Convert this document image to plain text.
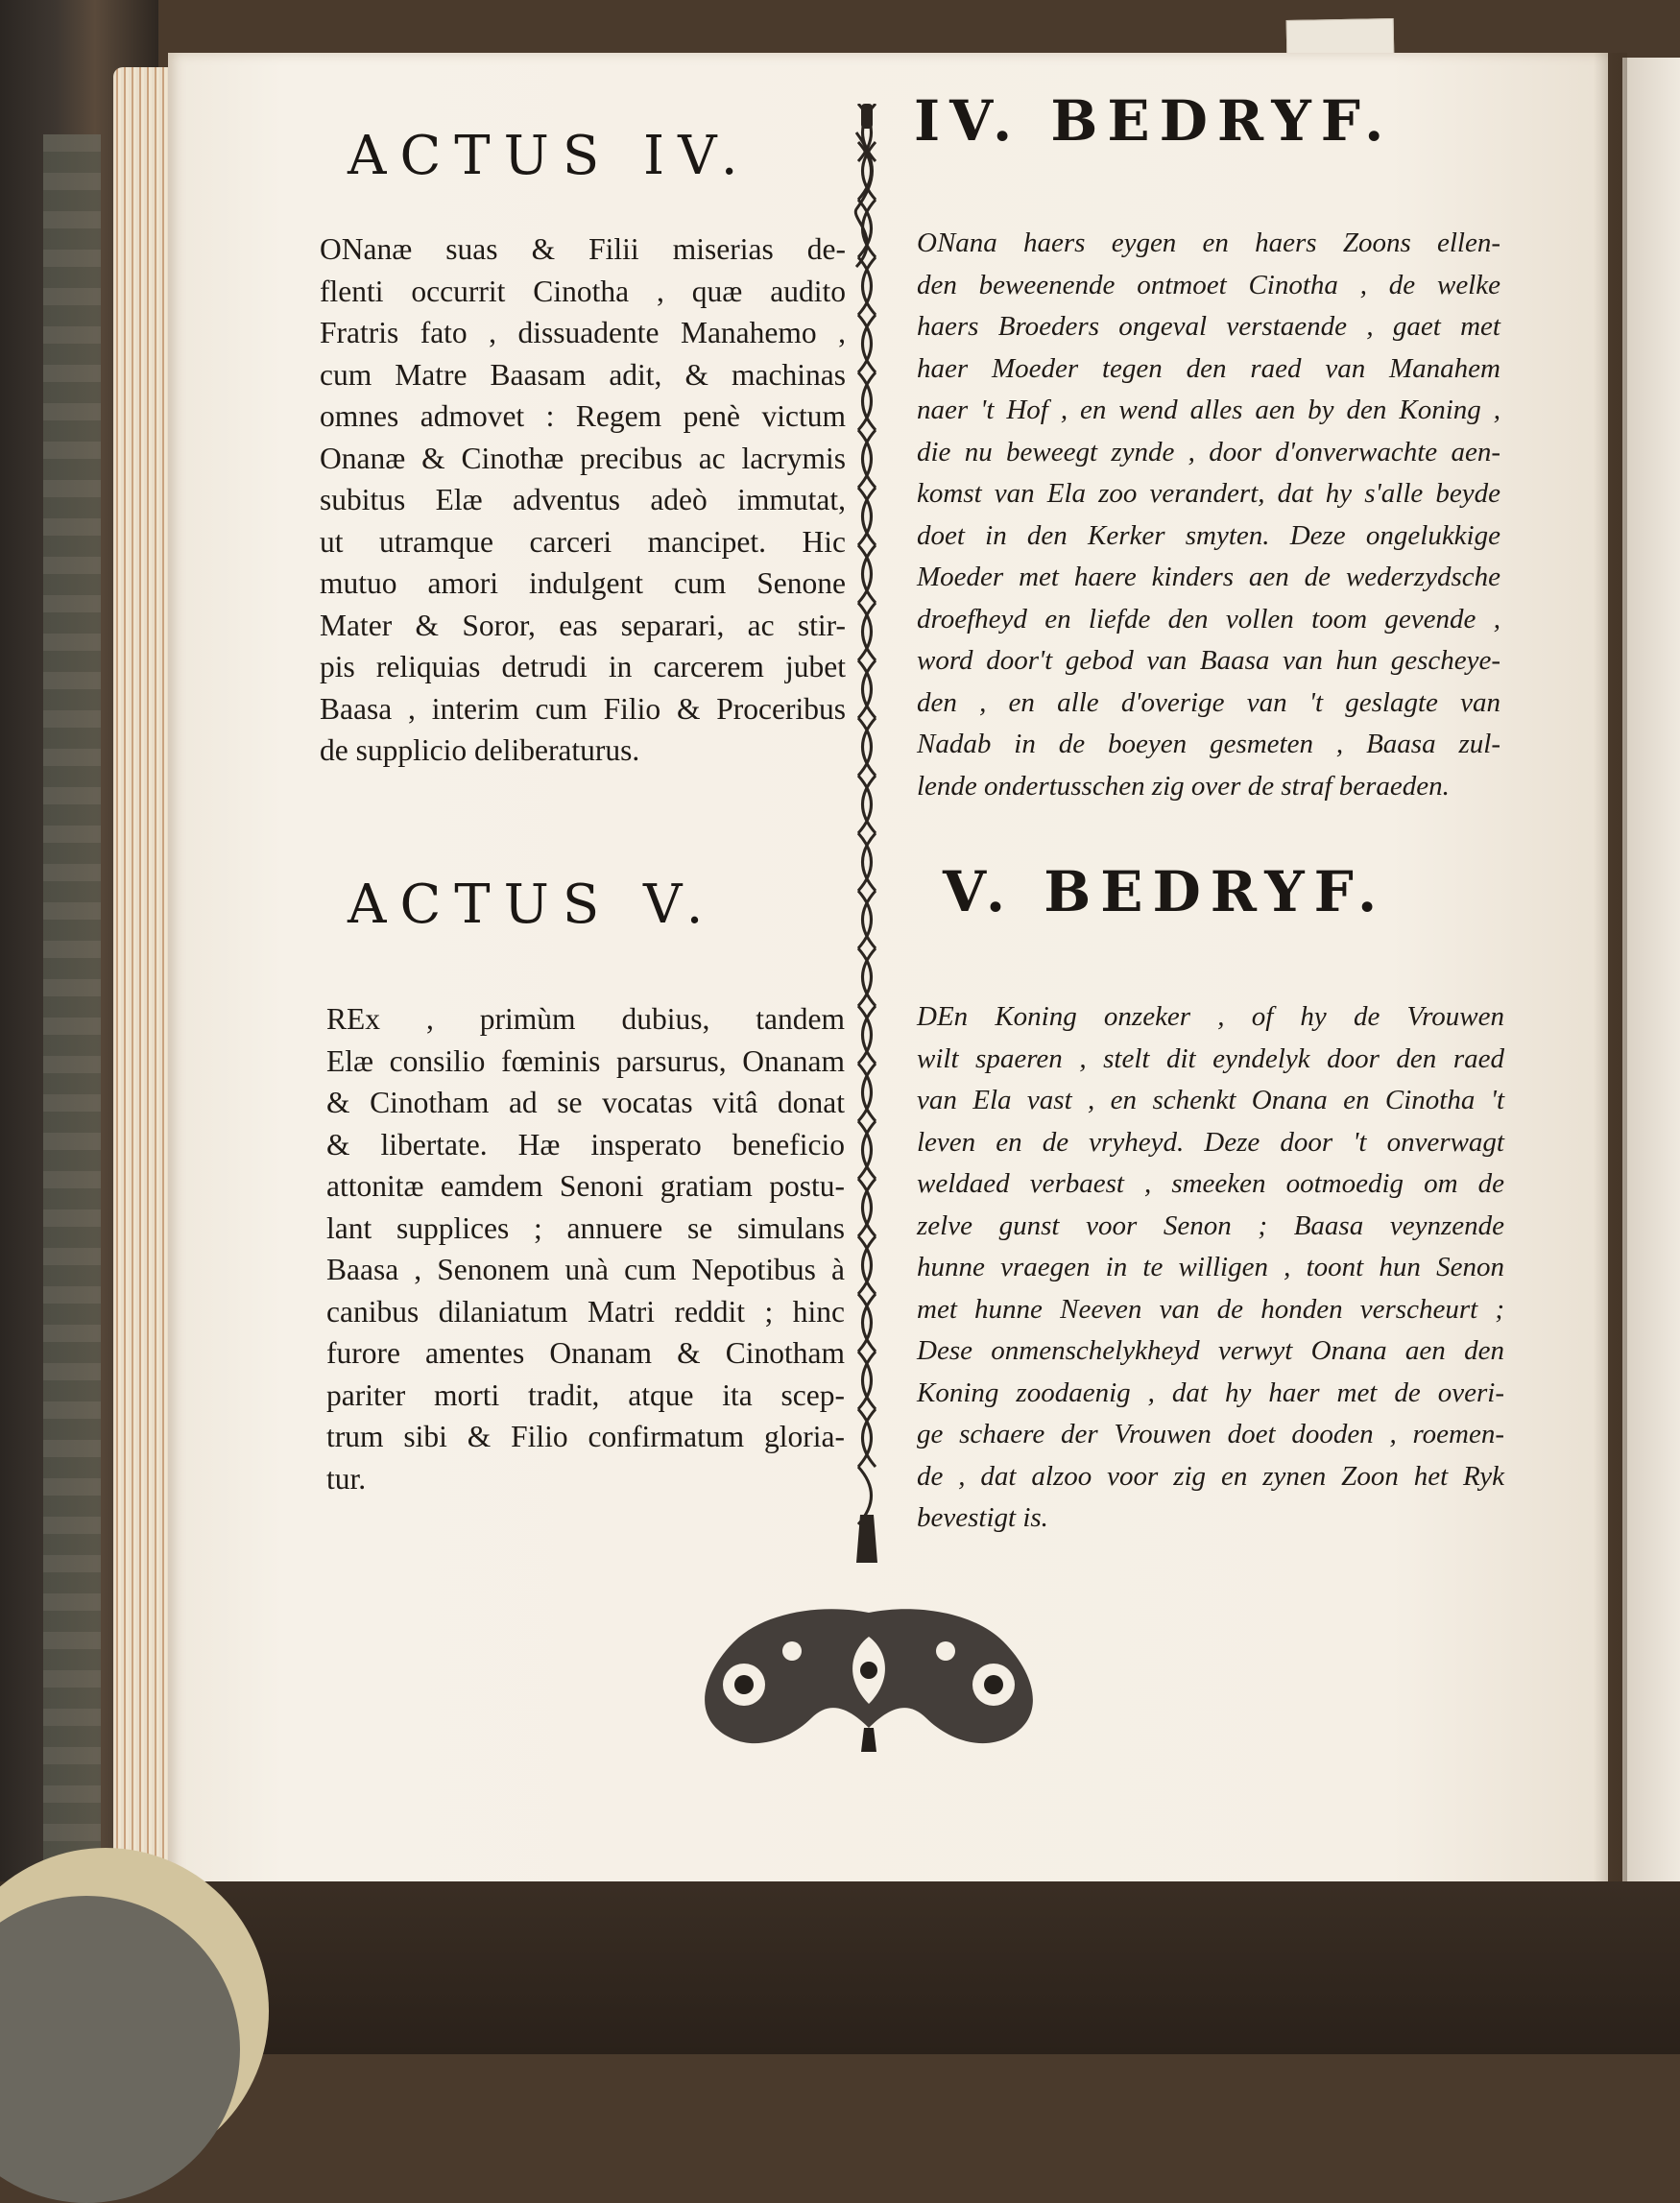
ACTUS IV.
IV. BEDRYF.
ONanæ suas & Filii miserias de-
flenti occurrit Cinotha , quæ audito
Fratris fato , dissuadente Manahemo ,
cum Matre Baasam adit, & machinas
omnes admovet : Regem penè victum
Onanæ & Cinothæ precibus ac lacrymis
subitus Elæ adventus adeò immutat,
ut utramque carceri mancipet. Hic
mutuo amori indulgent cum Senone
Mater & Soror, eas separari, ac stir-
pis reliquias detrudi in carcerem jubet
Baasa , interim cum Filio & Proceribus
de supplicio deliberaturus.
ONana haers eygen en haers Zoons ellen-
den beweenende ontmoet Cinotha , de welke
haers Broeders ongeval verstaende , gaet met
haer Moeder tegen den raed van Manahem
naer 't Hof , en wend alles aen by den Koning ,
die nu beweegt zynde , door d'onverwachte aen-
komst van Ela zoo verandert, dat hy s'alle beyde
doet in den Kerker smyten. Deze ongelukkige
Moeder met haere kinders aen de wederzydsche
droefheyd en liefde den vollen toom gevende ,
word door't gebod van Baasa van hun gescheye-
den , en alle d'overige van 't geslagte van
Nadab in de boeyen gesmeten , Baasa zul-
lende ondertusschen zig over de straf beraeden.
ACTUS V.	V. BEDRYF.
REx , primùm dubius, tandem
Elæ consilio fœminis parsurus, Onanam
& Cinotham ad se vocatas vitâ donat
& libertate. Hæ insperato beneficio
attonitæ eamdem Senoni gratiam postu-
lant supplices ; annuere se simulans
Baasa , Senonem unà cum Nepotibus à
canibus dilaniatum Matri reddit ; hinc
furore amentes Onanam & Cinotham
pariter morti tradit, atque ita scep-
trum sibi & Filio confirmatum gloria-
tur.
DEn Koning onzeker , of hy de Vrouwen
wilt spaeren , stelt dit eyndelyk door den raed
van Ela vast , en schenkt Onana en Cinotha 't
leven en de vryheyd. Deze door 't onverwagt
weldaed verbaest , smeeken ootmoedig om de
zelve gunst voor Senon ; Baasa veynzende
hunne vraegen in te willigen , toont hun Senon
met hunne Neeven van de honden verscheurt ;
Dese onmenschelykheyd verwyt Onana aen den
Koning zoodaenig , dat hy haer met de overi-
ge schaere der Vrouwen doet dooden , roemen-
de , dat alzoo voor zig en zynen Zoon het Ryk
bevestigt is.
